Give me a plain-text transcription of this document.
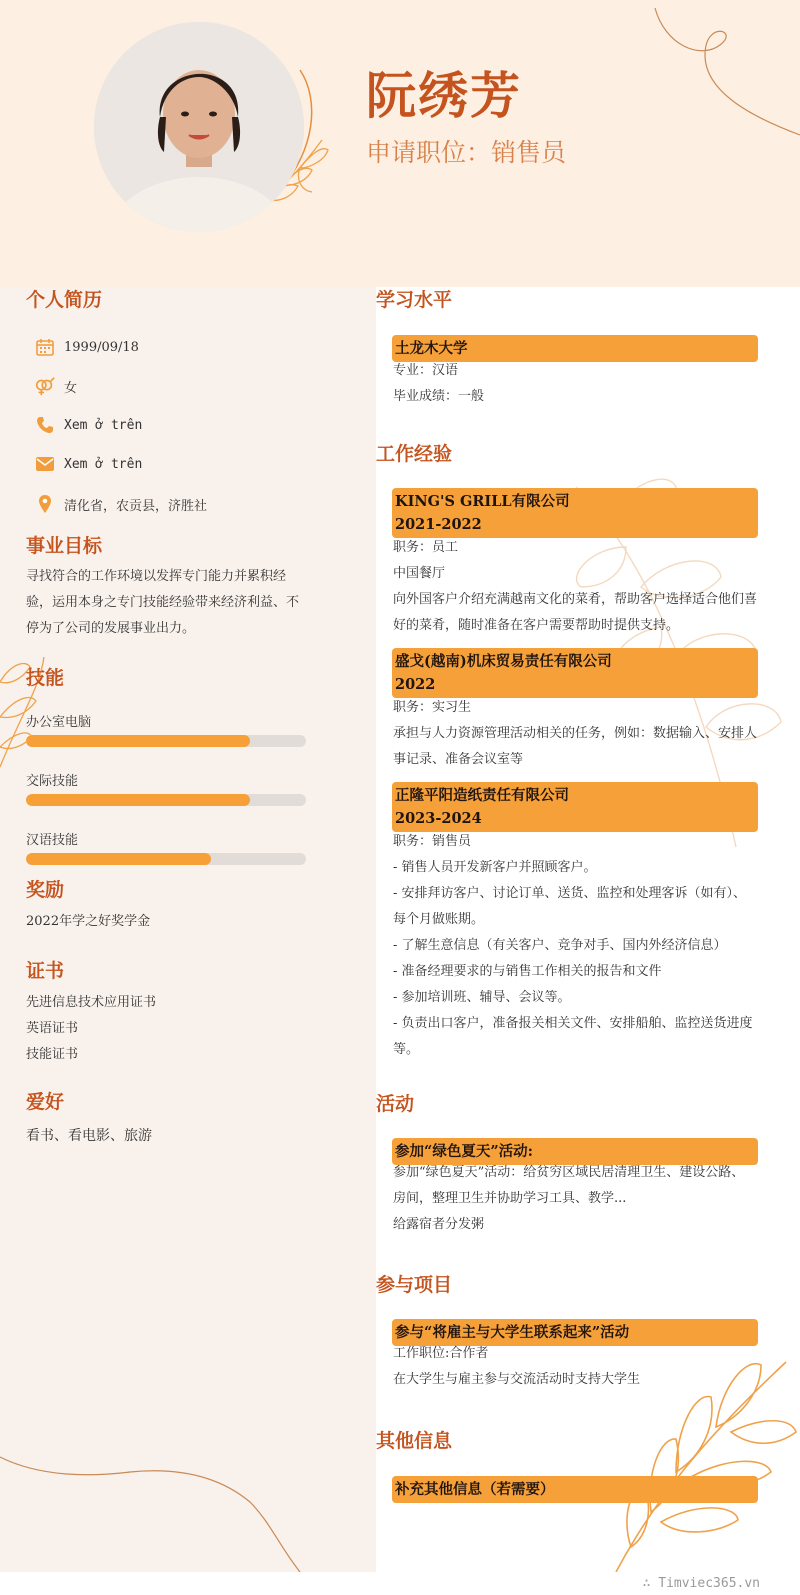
阮绣芳
申请职位：销售员
个人简历
1999/09/18
女
Xem ở trên
Xem ở trên
清化省，农贡县，济胜社
事业目标
寻找符合的工作环境以发挥专门能力并累积经验，运用本身之专门技能经验带来经济利益、不停为了公司的发展事业出力。
技能
办公室电脑
交际技能
汉语技能
奖励
2022年学之好奖学金
证书
先进信息技术应用证书
英语证书
技能证书
爱好
看书、看电影、旅游
学习水平
土龙木大学
专业：汉语
毕业成绩：一般
工作经验
KING'S GRILL有限公司
2021-2022
职务：员工
中国餐厅
向外国客户介绍充满越南文化的菜肴，帮助客户选择适合他们喜好的菜肴，随时准备在客户需要帮助时提供支持。
盛戈(越南)机床贸易责任有限公司
2022
职务：实习生
承担与人力资源管理活动相关的任务，例如：数据输入、安排人事记录、准备会议室等
正隆平阳造纸责任有限公司
2023-2024
职务：销售员
- 销售人员开发新客户并照顾客户。
- 安排拜访客户、讨论订单、送货、监控和处理客诉（如有）、每个月做账期。
- 了解生意信息（有关客户、竞争对手、国内外经济信息）
- 准备经理要求的与销售工作相关的报告和文件
- 参加培训班、辅导、会议等。
- 负责出口客户，准备报关相关文件、安排船舶、监控送货进度等。
活动
参加“绿色夏天”活动:
参加“绿色夏天”活动：给贫穷区域民居清理卫生、建设公路、房间，整理卫生并协助学习工具、教学...
给露宿者分发粥
参与项目
参与“将雇主与大学生联系起来”活动
工作职位:合作者
在大学生与雇主参与交流活动时支持大学生
其他信息
补充其他信息（若需要）
∴ Timviec365.vn
